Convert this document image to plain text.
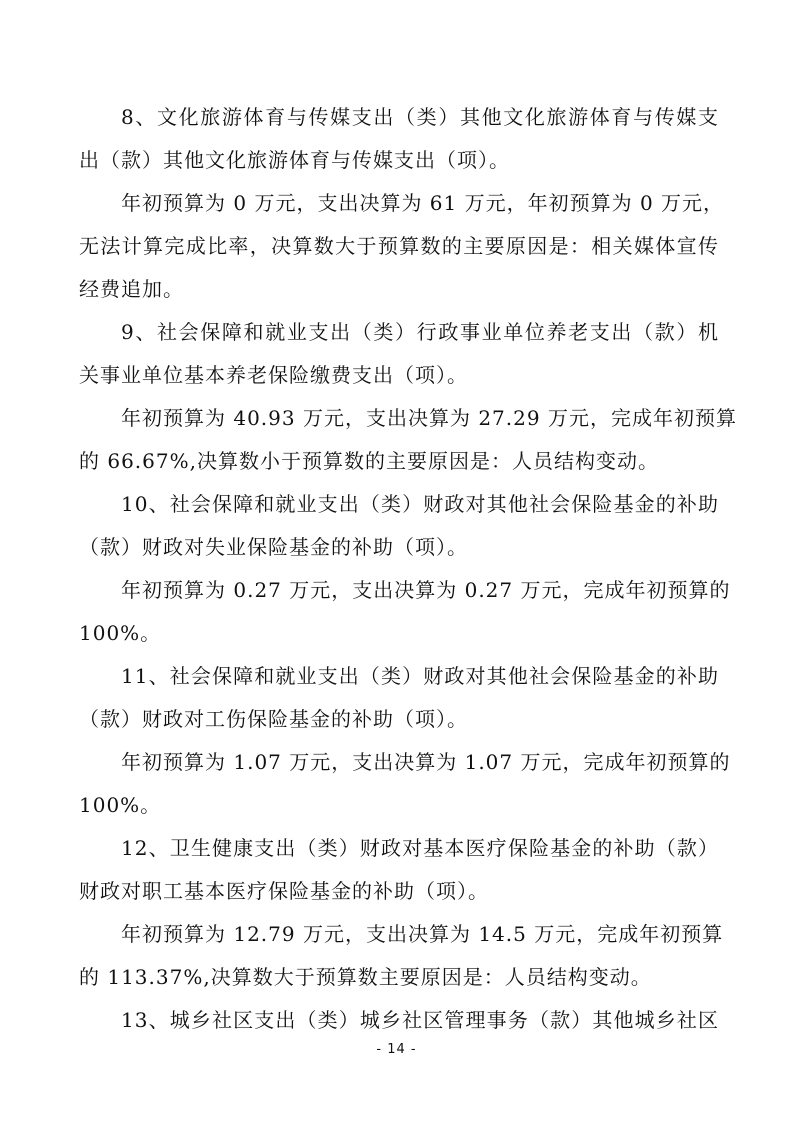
8、文化旅游体育与传媒支出（类）其他文化旅游体育与传媒支
出（款）其他文化旅游体育与传媒支出（项）。
年初预算为 0 万元，支出决算为 61 万元，年初预算为 0 万元，
无法计算完成比率，决算数大于预算数的主要原因是：相关媒体宣传
经费追加。
9、社会保障和就业支出（类）行政事业单位养老支出（款）机
关事业单位基本养老保险缴费支出（项）。
年初预算为 40.93 万元，支出决算为 27.29 万元，完成年初预算
的 66.67%,决算数小于预算数的主要原因是：人员结构变动。
10、社会保障和就业支出（类）财政对其他社会保险基金的补助
（款）财政对失业保险基金的补助（项）。
年初预算为 0.27 万元，支出决算为 0.27 万元，完成年初预算的
100%。
11、社会保障和就业支出（类）财政对其他社会保险基金的补助
（款）财政对工伤保险基金的补助（项）。
年初预算为 1.07 万元，支出决算为 1.07 万元，完成年初预算的
100%。
12、卫生健康支出（类）财政对基本医疗保险基金的补助（款）
财政对职工基本医疗保险基金的补助（项）。
年初预算为 12.79 万元，支出决算为 14.5 万元，完成年初预算
的 113.37%,决算数大于预算数主要原因是：人员结构变动。
13、城乡社区支出（类）城乡社区管理事务（款）其他城乡社区
- 14 -
